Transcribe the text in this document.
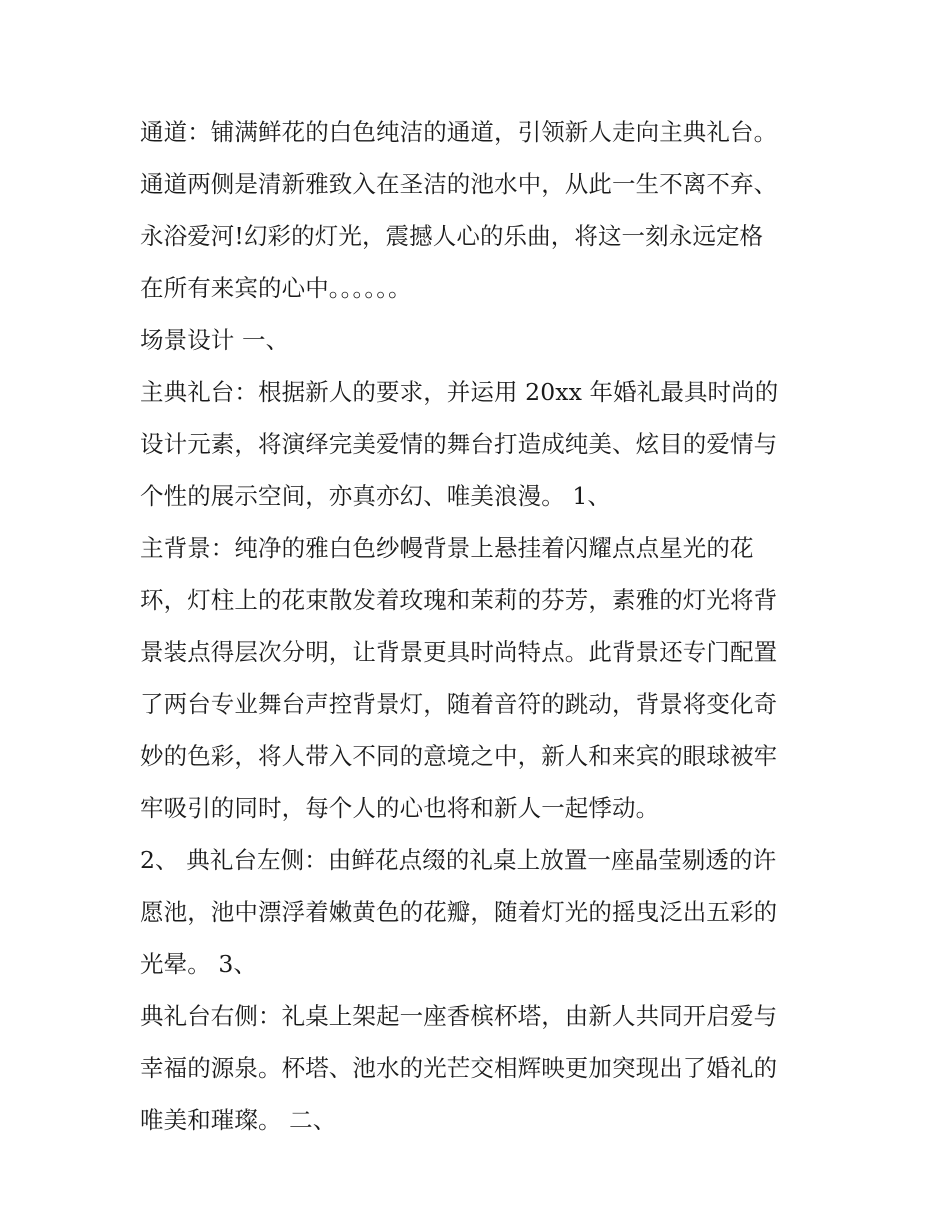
通道：铺满鲜花的白色纯洁的通道，引领新人走向主典礼台。
通道两侧是清新雅致入在圣洁的池水中，从此一生不离不弃、
永浴爱河!幻彩的灯光，震撼人心的乐曲，将这一刻永远定格
在所有来宾的心中。。。。。。
场景设计 一、
主典礼台：根据新人的要求，并运用 20xx 年婚礼最具时尚的
设计元素，将演绎完美爱情的舞台打造成纯美、炫目的爱情与
个性的展示空间，亦真亦幻、唯美浪漫。 1、
主背景：纯净的雅白色纱幔背景上悬挂着闪耀点点星光的花
环，灯柱上的花束散发着玫瑰和茉莉的芬芳，素雅的灯光将背
景装点得层次分明，让背景更具时尚特点。此背景还专门配置
了两台专业舞台声控背景灯，随着音符的跳动，背景将变化奇
妙的色彩，将人带入不同的意境之中，新人和来宾的眼球被牢
牢吸引的同时，每个人的心也将和新人一起悸动。
2、 典礼台左侧：由鲜花点缀的礼桌上放置一座晶莹剔透的许
愿池，池中漂浮着嫩黄色的花瓣，随着灯光的摇曳泛出五彩的
光晕。 3、
典礼台右侧：礼桌上架起一座香槟杯塔，由新人共同开启爱与
幸福的源泉。杯塔、池水的光芒交相辉映更加突现出了婚礼的
唯美和璀璨。 二、
